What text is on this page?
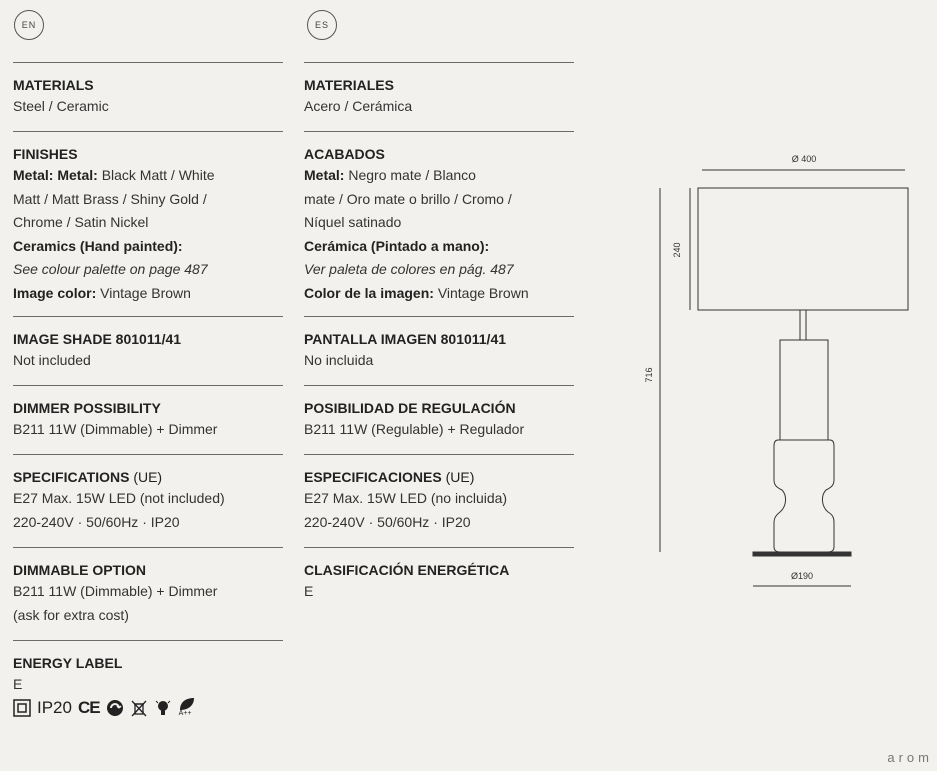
EN
MATERIALS
Steel / Ceramic
FINISHES
Metal: Metal: Black Matt / White
Matt / Matt Brass / Shiny Gold /
Chrome / Satin Nickel
Ceramics (Hand painted):
See colour palette on page 487
Image color: Vintage Brown
IMAGE SHADE 801011/41
Not included
DIMMER POSSIBILITY
B211 11W (Dimmable) + Dimmer
SPECIFICATIONS (UE)
E27 Max. 15W LED (not included)
220-240V · 50/60Hz · IP20
DIMMABLE OPTION
B211 11W (Dimmable) + Dimmer
(ask for extra cost)
ENERGY LABEL
E
IP20 CE	A++
ES
MATERIALES
Acero / Cerámica
ACABADOS
Metal: Negro mate / Blanco
mate / Oro mate o brillo / Cromo /
Níquel satinado
Cerámica (Pintado a mano):
Ver paleta de colores en pág. 487
Color de la imagen: Vintage Brown
PANTALLA IMAGEN 801011/41
No incluida
POSIBILIDAD DE REGULACIÓN
B211 11W (Regulable) + Regulador
ESPECIFICACIONES (UE)
E27 Max. 15W LED (no incluida)
220-240V · 50/60Hz · IP20
CLASIFICACIÓN ENERGÉTICA
E
Ø 400
240
716
Ø190
arom
